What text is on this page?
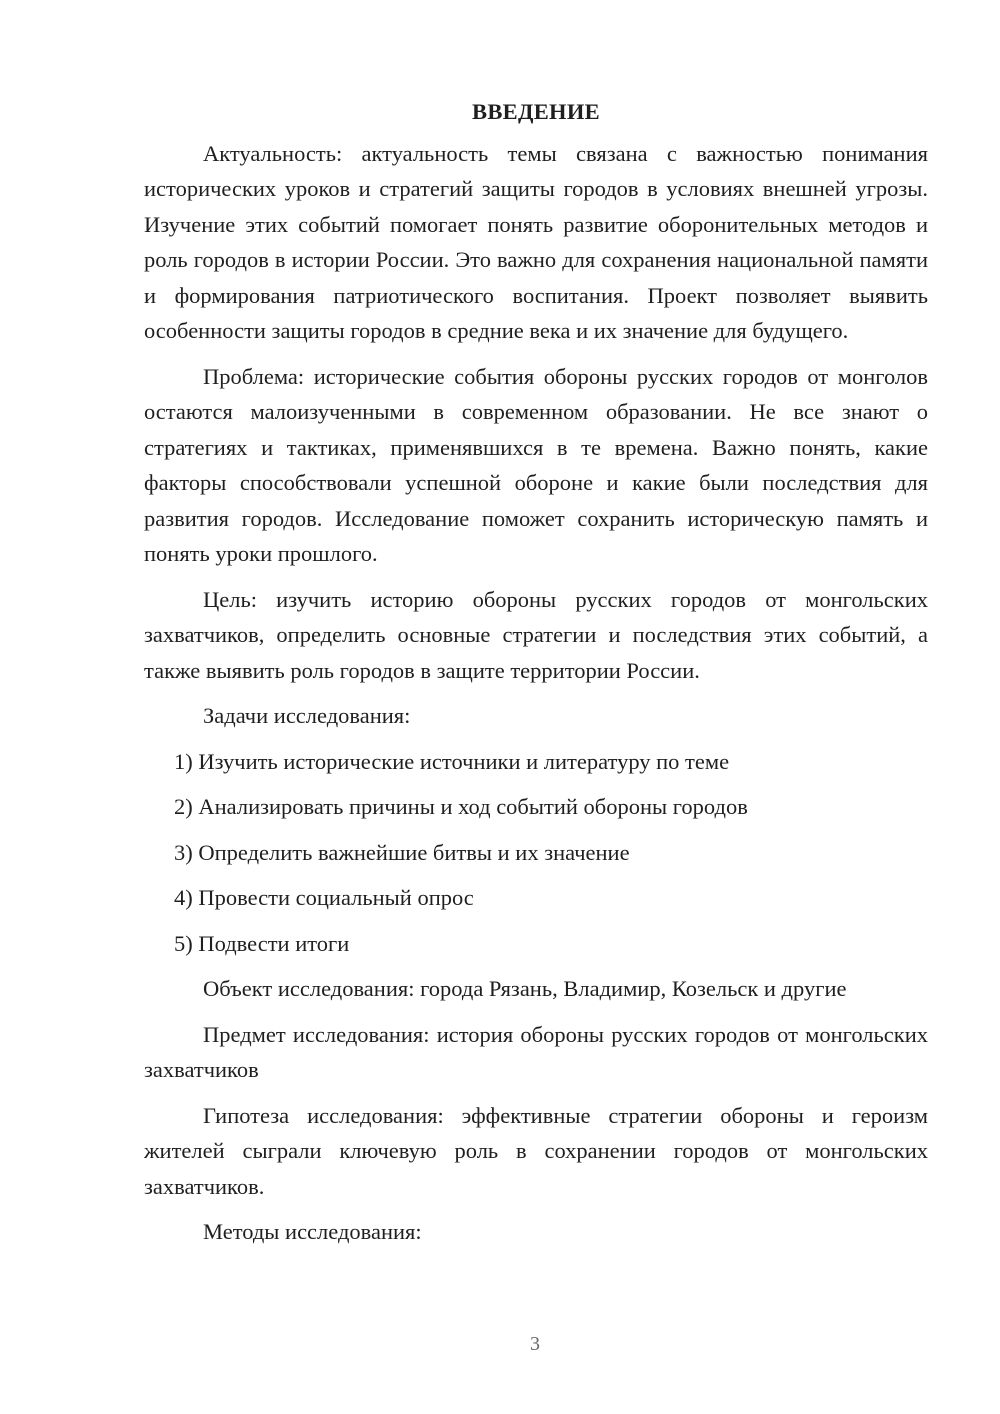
ВВЕДЕНИЕ

Актуальность: актуальность темы связана с важностью понимания исторических уроков и стратегий защиты городов в условиях внешней угрозы. Изучение этих событий помогает понять развитие оборонительных методов и роль городов в истории России. Это важно для сохранения национальной памяти и формирования патриотического воспитания. Проект позволяет выявить особенности защиты городов в средние века и их значение для будущего.

Проблема: исторические события обороны русских городов от монголов остаются малоизученными в современном образовании. Не все знают о стратегиях и тактиках, применявшихся в те времена. Важно понять, какие факторы способствовали успешной обороне и какие были последствия для развития городов. Исследование поможет сохранить историческую память и понять уроки прошлого.

Цель: изучить историю обороны русских городов от монгольских захватчиков, определить основные стратегии и последствия этих событий, а также выявить роль городов в защите территории России.

Задачи исследования:

1) Изучить исторические источники и литературу по теме

2) Анализировать причины и ход событий обороны городов

3) Определить важнейшие битвы и их значение

4) Провести социальный опрос

5) Подвести итоги

Объект исследования: города Рязань, Владимир, Козельск и другие

Предмет исследования: история обороны русских городов от монгольских захватчиков

Гипотеза исследования: эффективные стратегии обороны и героизм жителей сыграли ключевую роль в сохранении городов от монгольских захватчиков.

Методы исследования:

3
